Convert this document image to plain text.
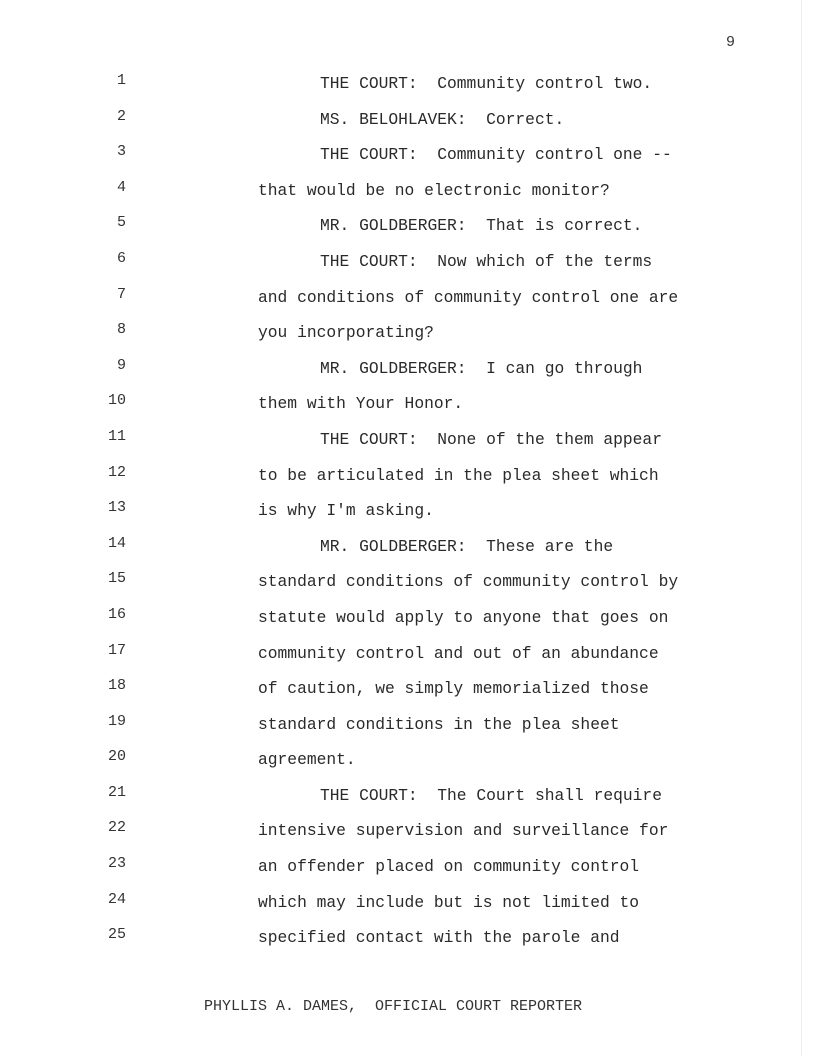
9
1	THE COURT:  Community control two.
2	MS. BELOHLAVEK:  Correct.
3	THE COURT:  Community control one --
4	that would be no electronic monitor?
5	MR. GOLDBERGER:  That is correct.
6	THE COURT:  Now which of the terms
7	and conditions of community control one are
8	you incorporating?
9	MR. GOLDBERGER:  I can go through
10	them with Your Honor.
11	THE COURT:  None of the them appear
12	to be articulated in the plea sheet which
13	is why I'm asking.
14	MR. GOLDBERGER:  These are the
15	standard conditions of community control by
16	statute would apply to anyone that goes on
17	community control and out of an abundance
18	of caution, we simply memorialized those
19	standard conditions in the plea sheet
20	agreement.
21	THE COURT:  The Court shall require
22	intensive supervision and surveillance for
23	an offender placed on community control
24	which may include but is not limited to
25	specified contact with the parole and
PHYLLIS A. DAMES,  OFFICIAL COURT REPORTER
